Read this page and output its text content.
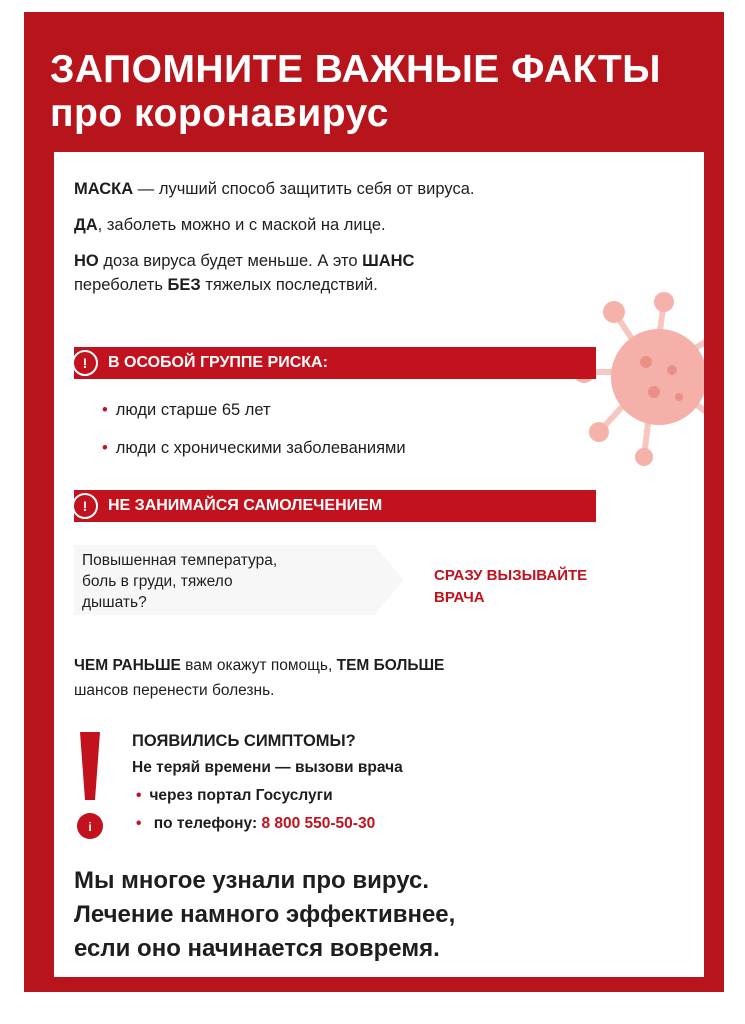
ЗАПОМНИТЕ ВАЖНЫЕ ФАКТЫ
про коронавирус
МАСКА — лучший способ защитить себя от вируса.
ДА, заболеть можно и с маской на лице.
НО доза вируса будет меньше. А это ШАНС
переболеть БЕЗ тяжелых последствий.
!	В ОСОБОЙ ГРУППЕ РИСКА:
• люди старше 65 лет
• люди с хроническими заболеваниями
!	НЕ ЗАНИМАЙСЯ САМОЛЕЧЕНИЕМ
Повышенная температура,
боль в груди, тяжело
дышать?
СРАЗУ ВЫЗЫВАЙТЕ
ВРАЧА
ЧЕМ РАНЬШЕ вам окажут помощь, ТЕМ БОЛЬШЕ
шансов перенести болезнь.
i
ПОЯВИЛИСЬ СИМПТОМЫ?
Не теряй времени — вызови врача
• через портал Госуслуги
• по телефону: 8 800 550-50-30
Мы многое узнали про вирус.
Лечение намного эффективнее,
если оно начинается вовремя.
